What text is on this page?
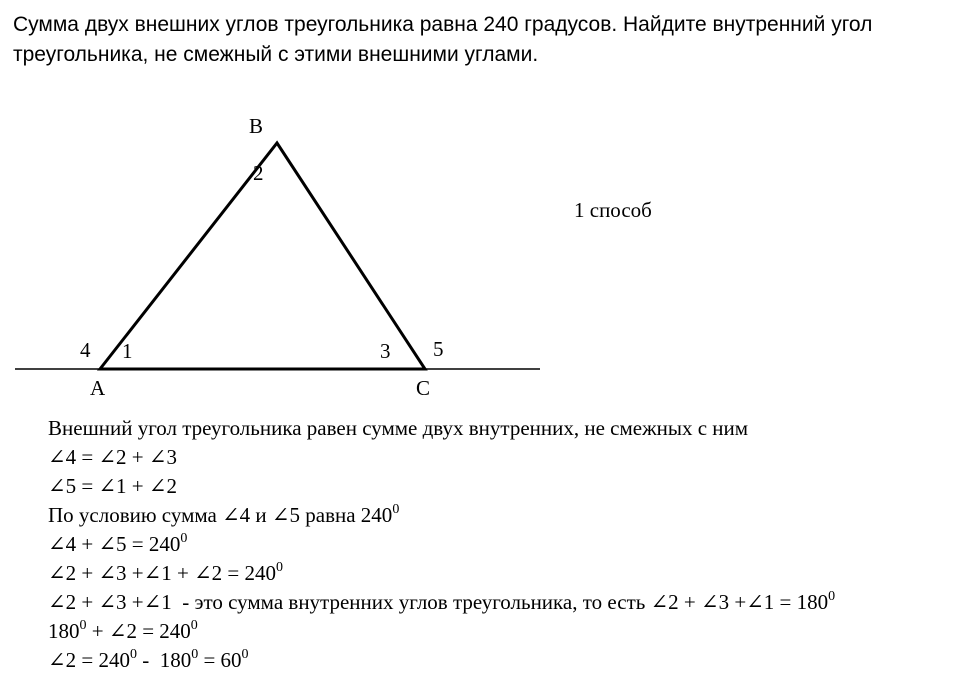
Сумма двух внешних углов треугольника равна 240 градусов. Найдите внутренний угол
треугольника, не смежный с этими внешними углами.
A
B
C
1
2
3
4	5
1 способ
Внешний угол треугольника равен сумме двух внутренних, не смежных с ним
∠4 = ∠2 + ∠3
∠5 = ∠1 + ∠2
По условию сумма ∠4 и ∠5 равна $240^0$
∠4 + ∠5 = $240^0$
∠2 + ∠3 +∠1 + ∠2 = $240^0$
∠2 + ∠3 +∠1  - это сумма внутренних углов треугольника, то есть ∠2 + ∠3 +∠1 = $180^0$
$180^0$ + ∠2 = $240^0$
∠2 = $240^0 - 180^0 = 60^0$
